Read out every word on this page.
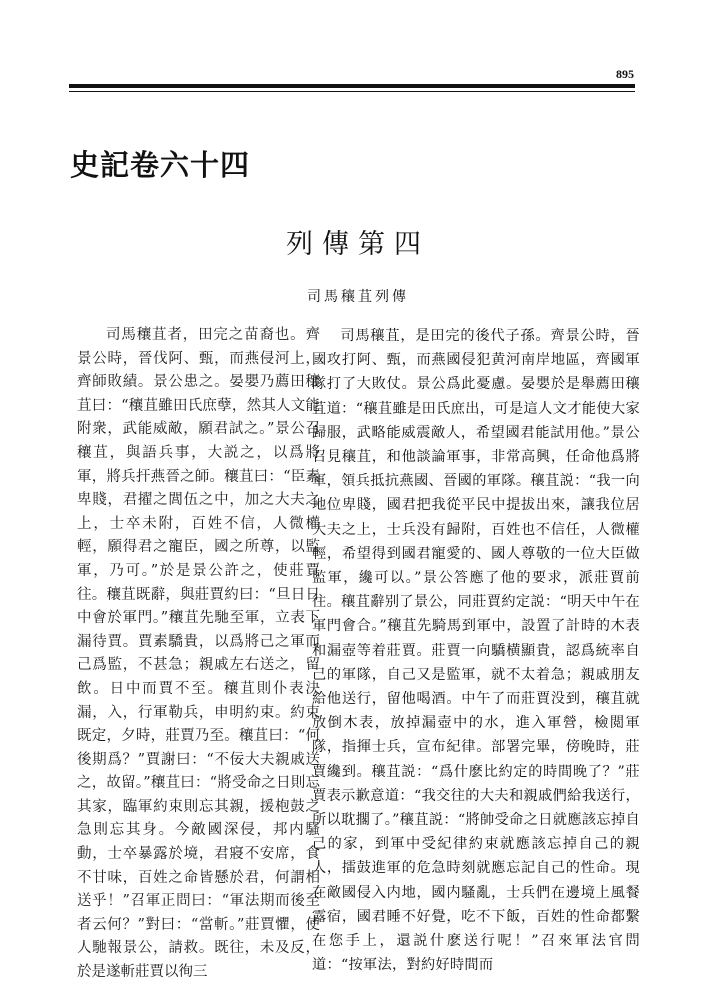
895
史記卷六十四
列傳第四
司馬穰苴列傳

司馬穰苴者，田完之苗裔也。齊景公時，晉伐阿、甄，而燕侵河上，齊師敗績。景公患之。晏嬰乃薦田穰苴曰：“穰苴雖田氏庶孽，然其人文能附衆，武能威敵，願君試之。”景公召穰苴，與語兵事，大説之，以爲將軍，將兵扞燕晉之師。穰苴曰：“臣素卑賤，君擢之閭伍之中，加之大夫之上，士卒未附，百姓不信，人微權輕，願得君之寵臣，國之所尊，以監軍，乃可。”於是景公許之，使莊賈往。穰苴既辭，與莊賈約曰：“旦日日中會於軍門。”穰苴先馳至軍，立表下漏待賈。賈素驕貴，以爲將己之軍而己爲監，不甚急；親戚左右送之，留飲。日中而賈不至。穰苴則仆表決漏，入，行軍勒兵，申明約束。約束既定，夕時，莊賈乃至。穰苴曰：“何後期爲？”賈謝曰：“不佞大夫親戚送之，故留。”穰苴曰：“將受命之日則忘其家，臨軍約束則忘其親，援枹鼓之急則忘其身。今敵國深侵，邦内騷動，士卒暴露於境，君寢不安席，食不甘味，百姓之命皆懸於君，何謂相送乎！”召軍正問曰：“軍法期而後至者云何？”對曰：“當斬。”莊賈懼，使人馳報景公，請救。既往，未及反，於是遂斬莊賈以徇三

司馬穰苴，是田完的後代子孫。齊景公時，晉國攻打阿、甄，而燕國侵犯黄河南岸地區，齊國軍隊打了大敗仗。景公爲此憂慮。晏嬰於是舉薦田穰苴道：“穰苴雖是田氏庶出，可是這人文才能使大家歸服，武略能威震敵人，希望國君能試用他。”景公召見穰苴，和他談論軍事，非常高興，任命他爲將軍，領兵抵抗燕國、晉國的軍隊。穰苴説：“我一向地位卑賤，國君把我從平民中提拔出來，讓我位居大夫之上，士兵没有歸附，百姓也不信任，人微權輕，希望得到國君寵愛的、國人尊敬的一位大臣做監軍，纔可以。”景公答應了他的要求，派莊賈前往。穰苴辭别了景公，同莊賈約定説：“明天中午在軍門會合。”穰苴先騎馬到軍中，設置了計時的木表和漏壺等着莊賈。莊賈一向驕横顯貴，認爲統率自己的軍隊，自己又是監軍，就不太着急；親戚朋友給他送行，留他喝酒。中午了而莊賈没到，穰苴就放倒木表，放掉漏壺中的水，進入軍營，檢閲軍隊，指揮士兵，宣布紀律。部署完畢，傍晚時，莊賈纔到。穰苴説：“爲什麽比約定的時間晚了？”莊賈表示歉意道：“我交往的大夫和親戚們給我送行，所以耽擱了。”穰苴説：“將帥受命之日就應該忘掉自己的家，到軍中受紀律約束就應該忘掉自己的親人，擂鼓進軍的危急時刻就應忘記自己的性命。現在敵國侵入内地，國内騷亂，士兵們在邊境上風餐露宿，國君睡不好覺，吃不下飯，百姓的性命都繫在您手上，還説什麽送行呢！”召來軍法官問道：“按軍法，對約好時間而
